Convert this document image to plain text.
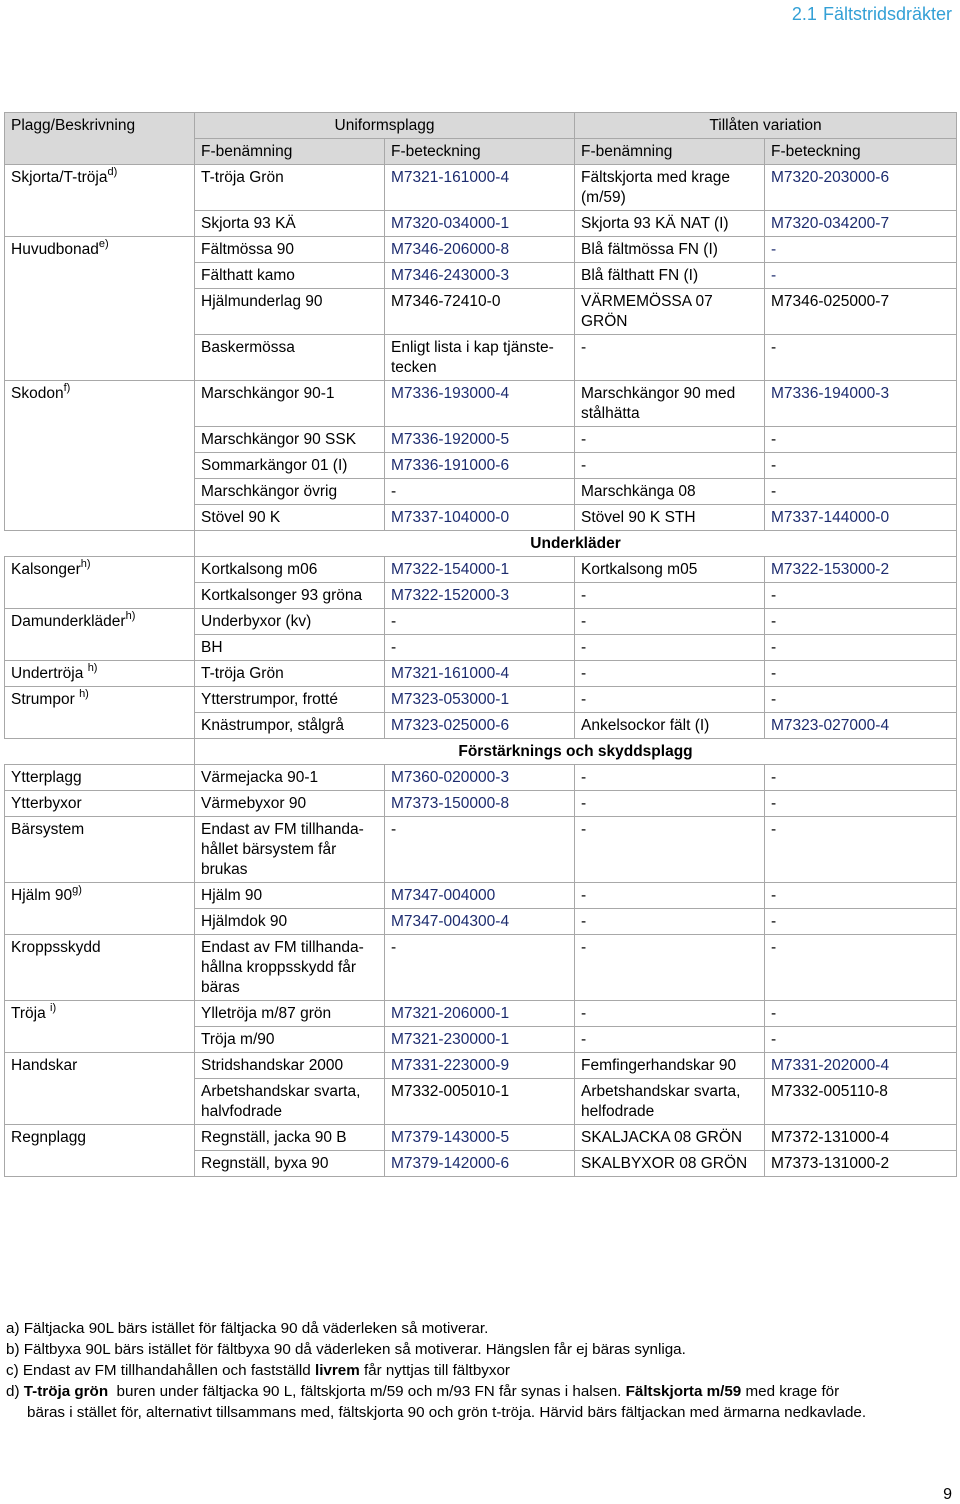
2.1 Fältstridsdräkter
Plagg/Beskrivning	Uniformsplagg		Tillåten variation	
	F-benämning	F-beteckning	F-benämning	F-beteckning
Skjorta/T-tröja$^{d)}$	T-tröja Grön	M7321-161000-4	Fältskjorta med krage (m/59)	M7320-203000-6
	Skjorta 93 KÄ	M7320-034000-1	Skjorta 93 KÄ NAT (I)	M7320-034200-7
Huvudbonad$^{e)}$	Fältmössa 90	M7346-206000-8	Blå fältmössa FN (I)	-
	Fälthatt kamo	M7346-243000-3	Blå fälthatt FN (I)	-
	Hjälmunderlag 90	M7346-72410-0	VÄRMEMÖSSA 07 GRÖN	M7346-025000-7
	Baskermössa	Enligt lista i kap tjänste-tecken	-	-
Skodon$^{f)}$	Marschkängor 90-1	M7336-193000-4	Marschkängor 90 med stålhätta	M7336-194000-3
	Marschkängor 90 SSK	M7336-192000-5	-	-
	Sommarkängor 01 (I)	M7336-191000-6	-	-
	Marschkängor övrig	-	Marschkänga 08	-
	Stövel 90 K	M7337-104000-0	Stövel 90 K STH	M7337-144000-0
	Underkläder			
Kalsonger$^{h)}$	Kortkalsong m06	M7322-154000-1	Kortkalsong m05	M7322-153000-2
	Kortkalsonger 93 gröna	M7322-152000-3	-	-
Damunderkläder$^{h)}$	Underbyxor (kv)	-	-	-
	BH	-	-	-
Undertröja $^{h)}$	T-tröja Grön	M7321-161000-4	-	-
Strumpor $^{h)}$	Ytterstrumpor, frotté	M7323-053000-1	-	-
	Knästrumpor, stålgrå	M7323-025000-6	Ankelsockor fält (I)	M7323-027000-4
	Förstärknings och skyddsplagg			
Ytterplagg	Värmejacka 90-1	M7360-020000-3	-	-
Ytterbyxor	Värmebyxor 90	M7373-150000-8	-	-
Bärsystem	Endast av FM tillhanda-hållet bärsystem får brukas	-	-	-
Hjälm 90$^{g)}$	Hjälm 90	M7347-004000	-	-
	Hjälmdok 90	M7347-004300-4	-	-
Kroppsskydd	Endast av FM tillhanda-hållna kroppsskydd får bäras	-	-	-
Tröja $^{i)}$	Ylletröja m/87 grön	M7321-206000-1	-	-
	Tröja m/90	M7321-230000-1	-	-
Handskar	Stridshandskar 2000	M7331-223000-9	Femfingerhandskar 90	M7331-202000-4
	Arbetshandskar svarta, halvfodrade	M7332-005010-1	Arbetshandskar svarta, helfodrade	M7332-005110-8
Regnplagg	Regnställ, jacka 90 B	M7379-143000-5	SKALJACKA 08 GRÖN	M7372-131000-4
	Regnställ, byxa 90	M7379-142000-6	SKALBYXOR 08 GRÖN	M7373-131000-2
a) Fältjacka 90L bärs istället för fältjacka 90 då väderleken så motiverar.
b) Fältbyxa 90L bärs istället för fältbyxa 90 då väderleken så motiverar. Hängslen får ej bäras synliga.
c) Endast av FM tillhandahållen och fastställd livrem får nyttjas till fältbyxor
d) T-tröja grön  buren under fältjacka 90 L, fältskjorta m/59 och m/93 FN får synas i halsen. Fältskjorta m/59 med krage för
bäras i stället för, alternativt tillsammans med, fältskjorta 90 och grön t-tröja. Härvid bärs fältjackan med ärmarna nedkavlade.
9
